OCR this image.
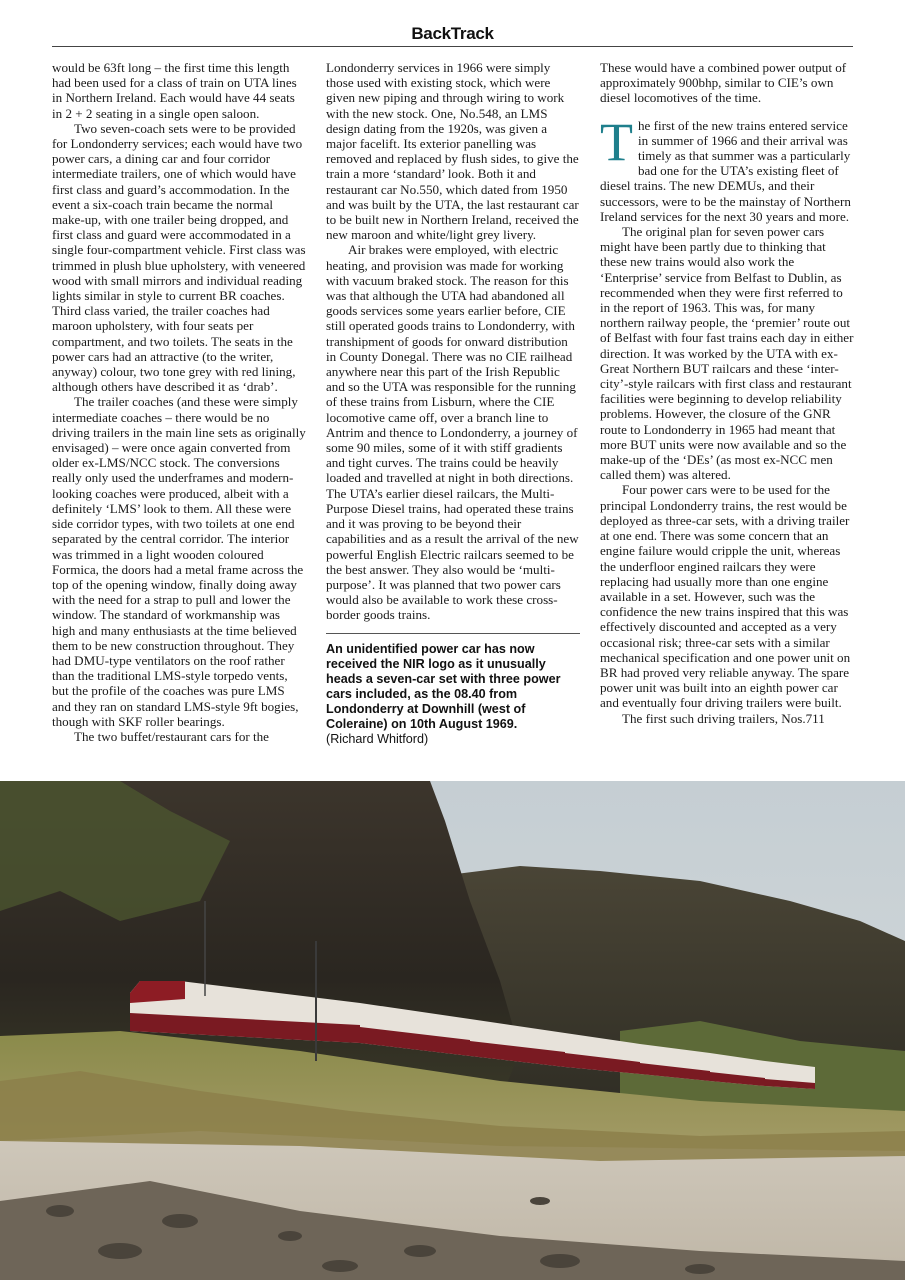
BackTrack

would be 63ft long – the first time this length had been used for a class of train on UTA lines in Northern Ireland. Each would have 44 seats in 2 + 2 seating in a single open saloon.

Two seven-coach sets were to be provided for Londonderry services; each would have two power cars, a dining car and four corridor intermediate trailers, one of which would have first class and guard’s accommodation. In the event a six-coach train became the normal make-up, with one trailer being dropped, and first class and guard were accommodated in a single four-compartment vehicle. First class was trimmed in plush blue upholstery, with veneered wood with small mirrors and individual reading lights similar in style to current BR coaches. Third class varied, the trailer coaches had maroon upholstery, with four seats per compartment, and two toilets. The seats in the power cars had an attractive (to the writer, anyway) colour, two tone grey with red lining, although others have described it as ‘drab’.

The trailer coaches (and these were simply intermediate coaches – there would be no driving trailers in the main line sets as originally envisaged) – were once again converted from older ex-LMS/NCC stock. The conversions really only used the underframes and modern-looking coaches were produced, albeit with a definitely ‘LMS’ look to them. All these were side corridor types, with two toilets at one end separated by the central corridor. The interior was trimmed in a light wooden coloured Formica, the doors had a metal frame across the top of the opening window, finally doing away with the need for a strap to pull and lower the window. The standard of workmanship was high and many enthusiasts at the time believed them to be new construction throughout. They had DMU-type ventilators on the roof rather than the traditional LMS-style torpedo vents, but the profile of the coaches was pure LMS and they ran on standard LMS-style 9ft bogies, though with SKF roller bearings.

The two buffet/restaurant cars for the

Londonderry services in 1966 were simply those used with existing stock, which were given new piping and through wiring to work with the new stock. One, No.548, an LMS design dating from the 1920s, was given a major facelift. Its exterior panelling was removed and replaced by flush sides, to give the train a more ‘standard’ look. Both it and restaurant car No.550, which dated from 1950 and was built by the UTA, the last restaurant car to be built new in Northern Ireland, received the new maroon and white/light grey livery.

Air brakes were employed, with electric heating, and provision was made for working with vacuum braked stock. The reason for this was that although the UTA had abandoned all goods services some years earlier before, CIE still operated goods trains to Londonderry, with transhipment of goods for onward distribution in County Donegal. There was no CIE railhead anywhere near this part of the Irish Republic and so the UTA was responsible for the running of these trains from Lisburn, where the CIE locomotive came off, over a branch line to Antrim and thence to Londonderry, a journey of some 90 miles, some of it with stiff gradients and tight curves. The trains could be heavily loaded and travelled at night in both directions. The UTA’s earlier diesel railcars, the Multi-Purpose Diesel trains, had operated these trains and it was proving to be beyond their capabilities and as a result the arrival of the new powerful English Electric railcars seemed to be the best answer. They also would be ‘multi-purpose’. It was planned that two power cars would also be available to work these cross-border goods trains.

An unidentified power car has now received the NIR logo as it unusually heads a seven-car set with three power cars included, as the 08.40 from Londonderry at Downhill (west of Coleraine) on 10th August 1969.
(Richard Whitford)

These would have a combined power output of approximately 900bhp, similar to CIE’s own diesel locomotives of the time.

The first of the new trains entered service in summer of 1966 and their arrival was timely as that summer was a particularly bad one for the UTA’s existing fleet of diesel trains. The new DEMUs, and their successors, were to be the mainstay of Northern Ireland services for the next 30 years and more.

The original plan for seven power cars might have been partly due to thinking that these new trains would also work the ‘Enterprise’ service from Belfast to Dublin, as recommended when they were first referred to in the report of 1963. This was, for many northern railway people, the ‘premier’ route out of Belfast with four fast trains each day in either direction. It was worked by the UTA with ex-Great Northern BUT railcars and these ‘inter-city’-style railcars with first class and restaurant facilities were beginning to develop reliability problems. However, the closure of the GNR route to Londonderry in 1965 had meant that more BUT units were now available and so the make-up of the ‘DEs’ (as most ex-NCC men called them) was altered.

Four power cars were to be used for the principal Londonderry trains, the rest would be deployed as three-car sets, with a driving trailer at one end. There was some concern that an engine failure would cripple the unit, whereas the underfloor engined railcars they were replacing had usually more than one engine available in a set. However, such was the confidence the new trains inspired that this was effectively discounted and accepted as a very occasional risk; three-car sets with a similar mechanical specification and one power unit on BR had proved very reliable anyway. The spare power unit was built into an eighth power car and eventually four driving trailers were built.

The first such driving trailers, Nos.711
